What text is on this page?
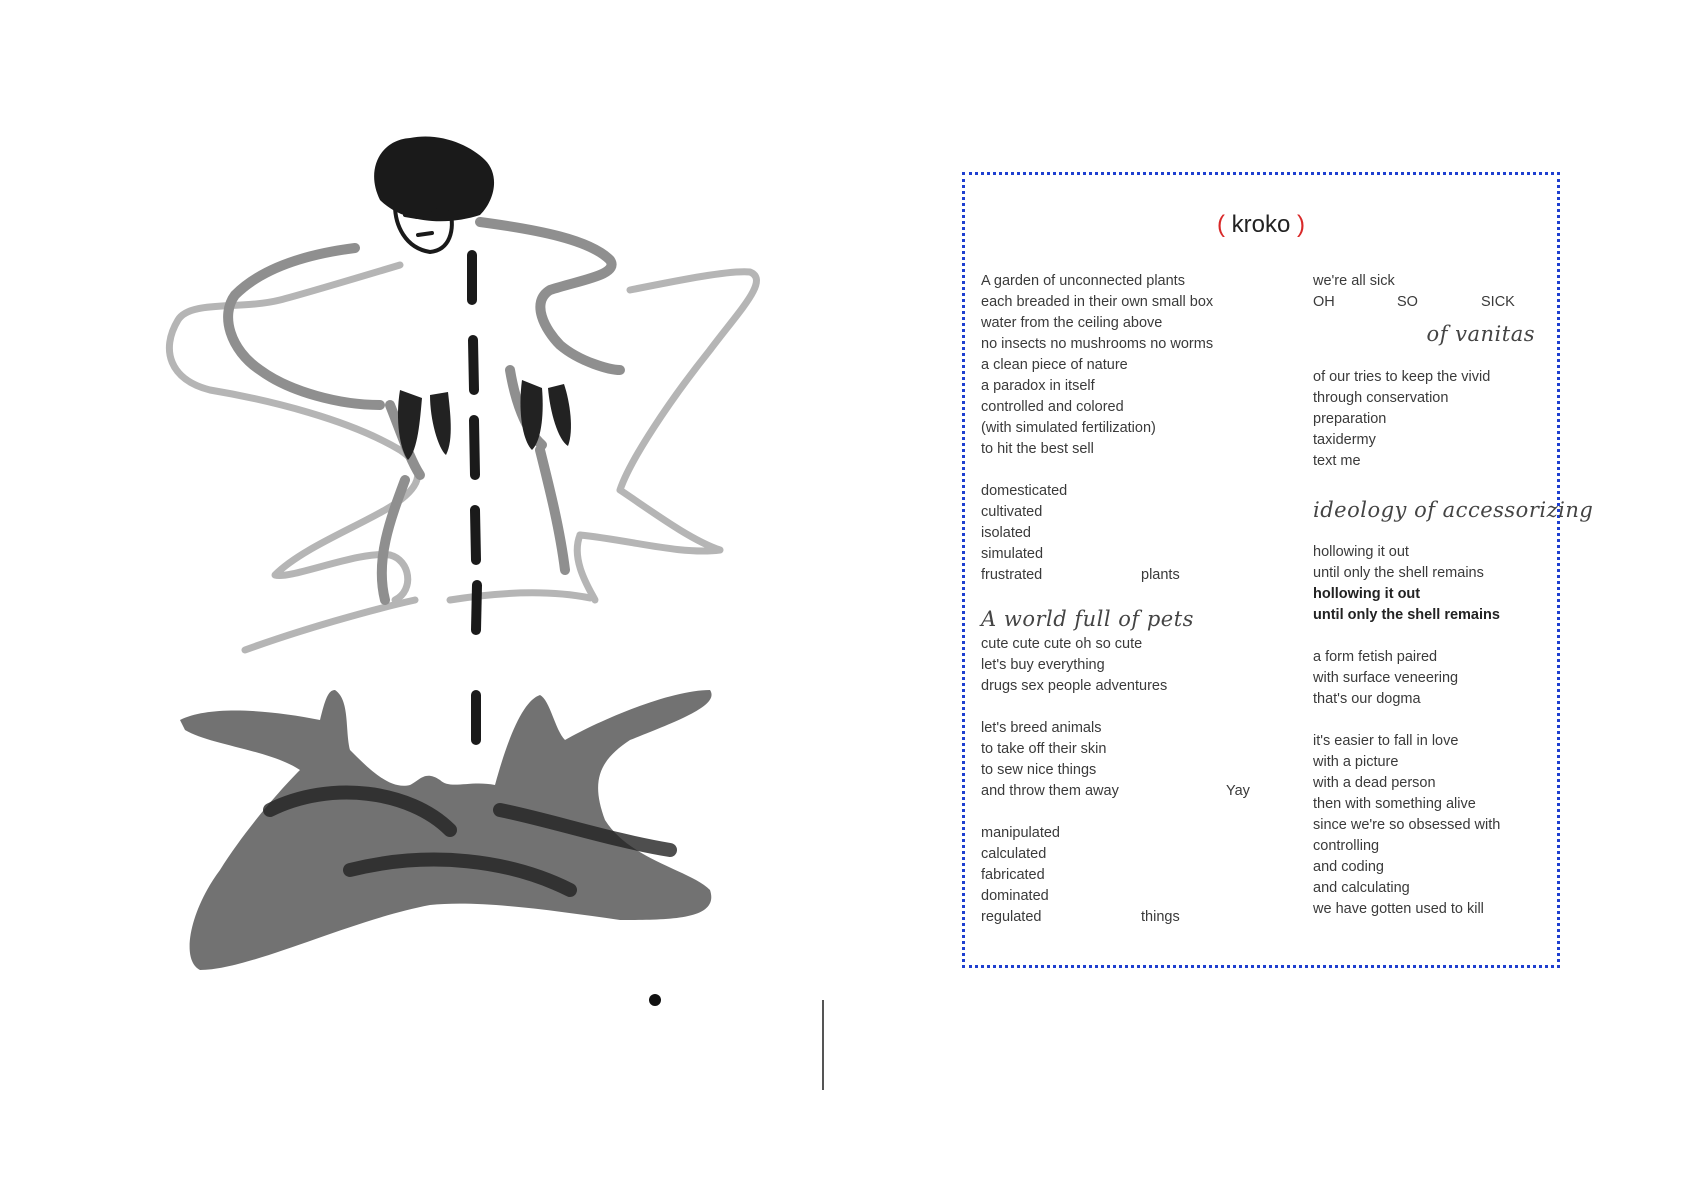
( kroko )
A garden of unconnected plants
each breaded in their own small box
water from the ceiling above
no insects no mushrooms no worms
a clean piece of nature
a paradox in itself
controlled and colored
(with simulated fertilization)
to hit the best sell
domesticated
cultivated
isolated
simulated
frustrated	plants
A world full of pets
cute cute cute oh so cute
let's buy everything
drugs sex people adventures
let's breed animals
to take off their skin
to sew nice things
and throw them away	Yay
manipulated
calculated
fabricated
dominated
regulated	things
we're all sick
OH	SO	SICK
of vanitas
of our tries to keep the vivid
through conservation
preparation
taxidermy
text me
ideology of accessorizing
hollowing it out
until only the shell remains
hollowing it out
until only the shell remains
a form fetish paired
with surface veneering
that's our dogma
it's easier to fall in love
with a picture
with a dead person
then with something alive
since we're so obsessed with
controlling
and coding
and calculating
we have gotten used to kill
